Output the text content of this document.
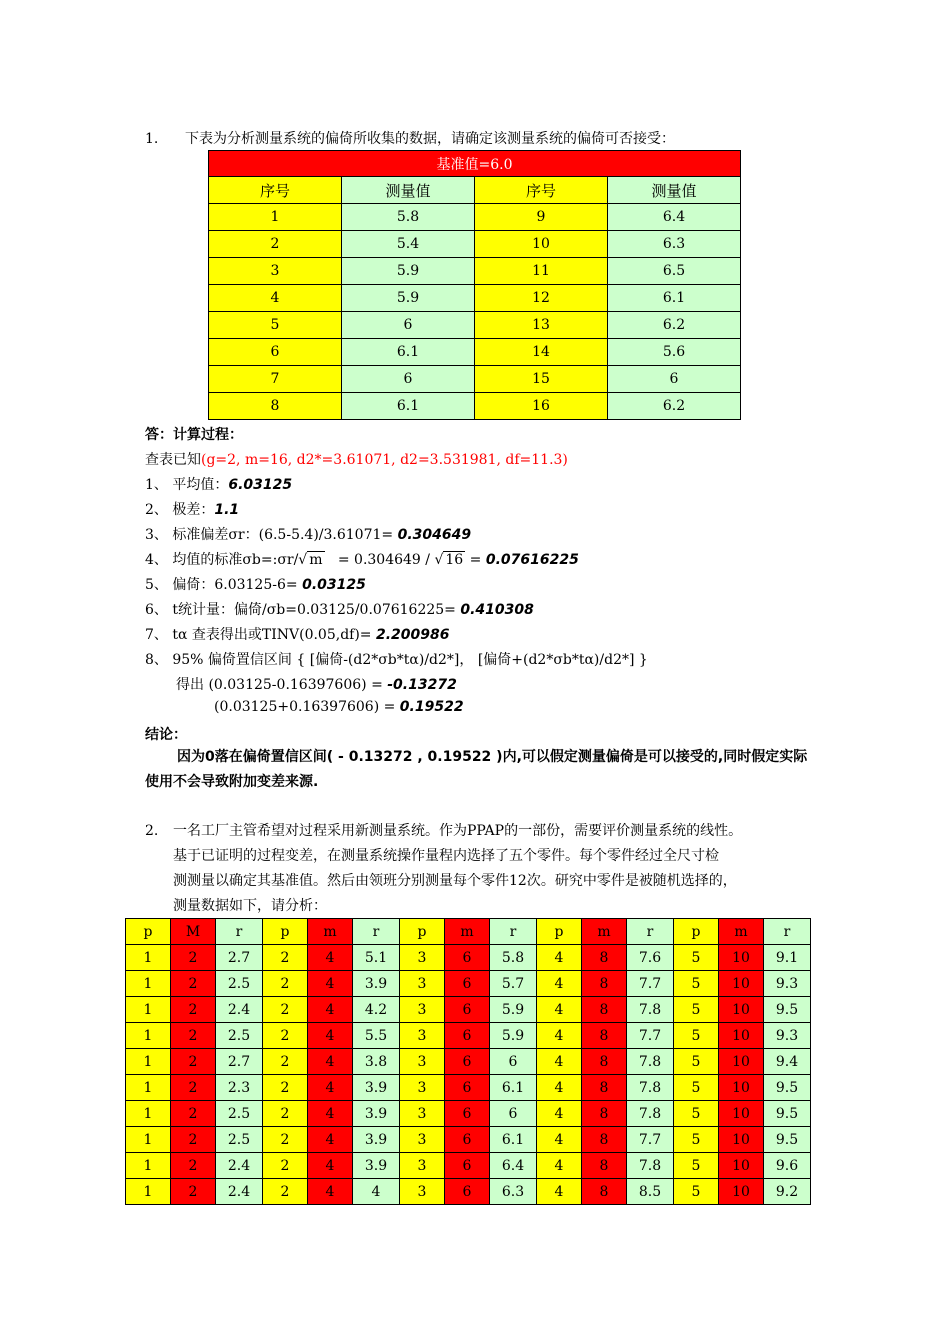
1. 下表为分析测量系统的偏倚所收集的数据，请确定该测量系统的偏倚可否接受：
基准值=6.0			
序号	测量值	序号	测量值
1	5.8	9	6.4
2	5.4	10	6.3
3	5.9	11	6.5
4	5.9	12	6.1
5	6	13	6.2
6	6.1	14	5.6
7	6	15	6
8	6.1	16	6.2
答：计算过程：
查表已知(g=2, m=16, d2*=3.61071, d2=3.531981, df=11.3)
1、 平均值：6.03125
2、 极差：1.1
3、 标准偏差σr：(6.5-5.4)/3.61071= 0.304649
4、 均值的标准σb=:σr/√ m   = 0.304649 / √ 16 = 0.07616225
5、 偏倚：6.03125-6= 0.03125
6、 t统计量：偏倚/σb=0.03125/0.07616225= 0.410308
7、 tα 查表得出或TINV(0.05,df)= 2.200986
8、 95% 偏倚置信区间 { [偏倚-(d2*σb*tα)/d2*]， [偏倚+(d2*σb*tα)/d2*] }
得出 (0.03125-0.16397606) = -0.13272
(0.03125+0.16397606) = 0.19522
结论：
因为0落在偏倚置信区间( - 0.13272 , 0.19522 )内,可以假定测量偏倚是可以接受的,同时假定实际使用不会导致附加变差来源.
2. 一名工厂主管希望对过程采用新测量系统。作为PPAP的一部份，需要评价测量系统的线性。
基于已证明的过程变差，在测量系统操作量程内选择了五个零件。每个零件经过全尺寸检
测测量以确定其基准值。然后由领班分别测量每个零件12次。研究中零件是被随机选择的，
测量数据如下，请分析：
p	M	r	p	m	r	p	m	r	p	m	r	p	m	r
1	2	2.7	2	4	5.1	3	6	5.8	4	8	7.6	5	10	9.1
1	2	2.5	2	4	3.9	3	6	5.7	4	8	7.7	5	10	9.3
1	2	2.4	2	4	4.2	3	6	5.9	4	8	7.8	5	10	9.5
1	2	2.5	2	4	5.5	3	6	5.9	4	8	7.7	5	10	9.3
1	2	2.7	2	4	3.8	3	6	6	4	8	7.8	5	10	9.4
1	2	2.3	2	4	3.9	3	6	6.1	4	8	7.8	5	10	9.5
1	2	2.5	2	4	3.9	3	6	6	4	8	7.8	5	10	9.5
1	2	2.5	2	4	3.9	3	6	6.1	4	8	7.7	5	10	9.5
1	2	2.4	2	4	3.9	3	6	6.4	4	8	7.8	5	10	9.6
1	2	2.4	2	4	4	3	6	6.3	4	8	8.5	5	10	9.2
